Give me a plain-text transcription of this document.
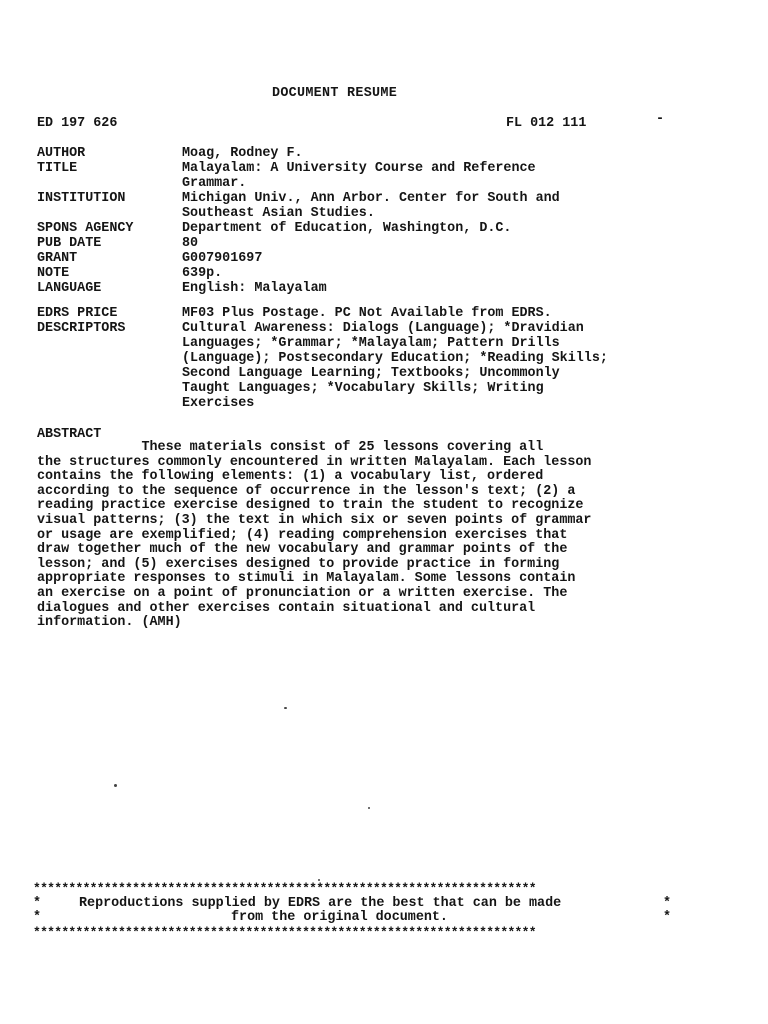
DOCUMENT RESUME
ED 197 626	FL 012 111	-
AUTHOR	Moag, Rodney F.
TITLE	Malayalam: A University Course and Reference
Grammar.
INSTITUTION	Michigan Univ., Ann Arbor. Center for South and
Southeast Asian Studies.
SPONS AGENCY	Department of Education, Washington, D.C.
PUB DATE	80
GRANT	G007901697
NOTE	639p.
LANGUAGE	English: Malayalam
EDRS PRICE	MF03 Plus Postage. PC Not Available from EDRS.
DESCRIPTORS	Cultural Awareness: Dialogs (Language); *Dravidian
Languages; *Grammar; *Malayalam; Pattern Drills
(Language); Postsecondary Education; *Reading Skills;
Second Language Learning; Textbooks; Uncommonly
Taught Languages; *Vocabulary Skills; Writing
Exercises
ABSTRACT
These materials consist of 25 lessons covering all
the structures commonly encountered in written Malayalam. Each lesson
contains the following elements: (1) a vocabulary list, ordered
according to the sequence of occurrence in the lesson's text; (2) a
reading practice exercise designed to train the student to recognize
visual patterns; (3) the text in which six or seven points of grammar
or usage are exemplified; (4) reading comprehension exercises that
draw together much of the new vocabulary and grammar points of the
lesson; and (5) exercises designed to provide practice in forming
appropriate responses to stimuli in Malayalam. Some lessons contain
an exercise on a point of pronunciation or a written exercise. The
dialogues and other exercises contain situational and cultural
information. (AMH)
***********************************************************************
*	Reproductions supplied by EDRS are the best that can be made	*
*	from the original document.	*
***********************************************************************
